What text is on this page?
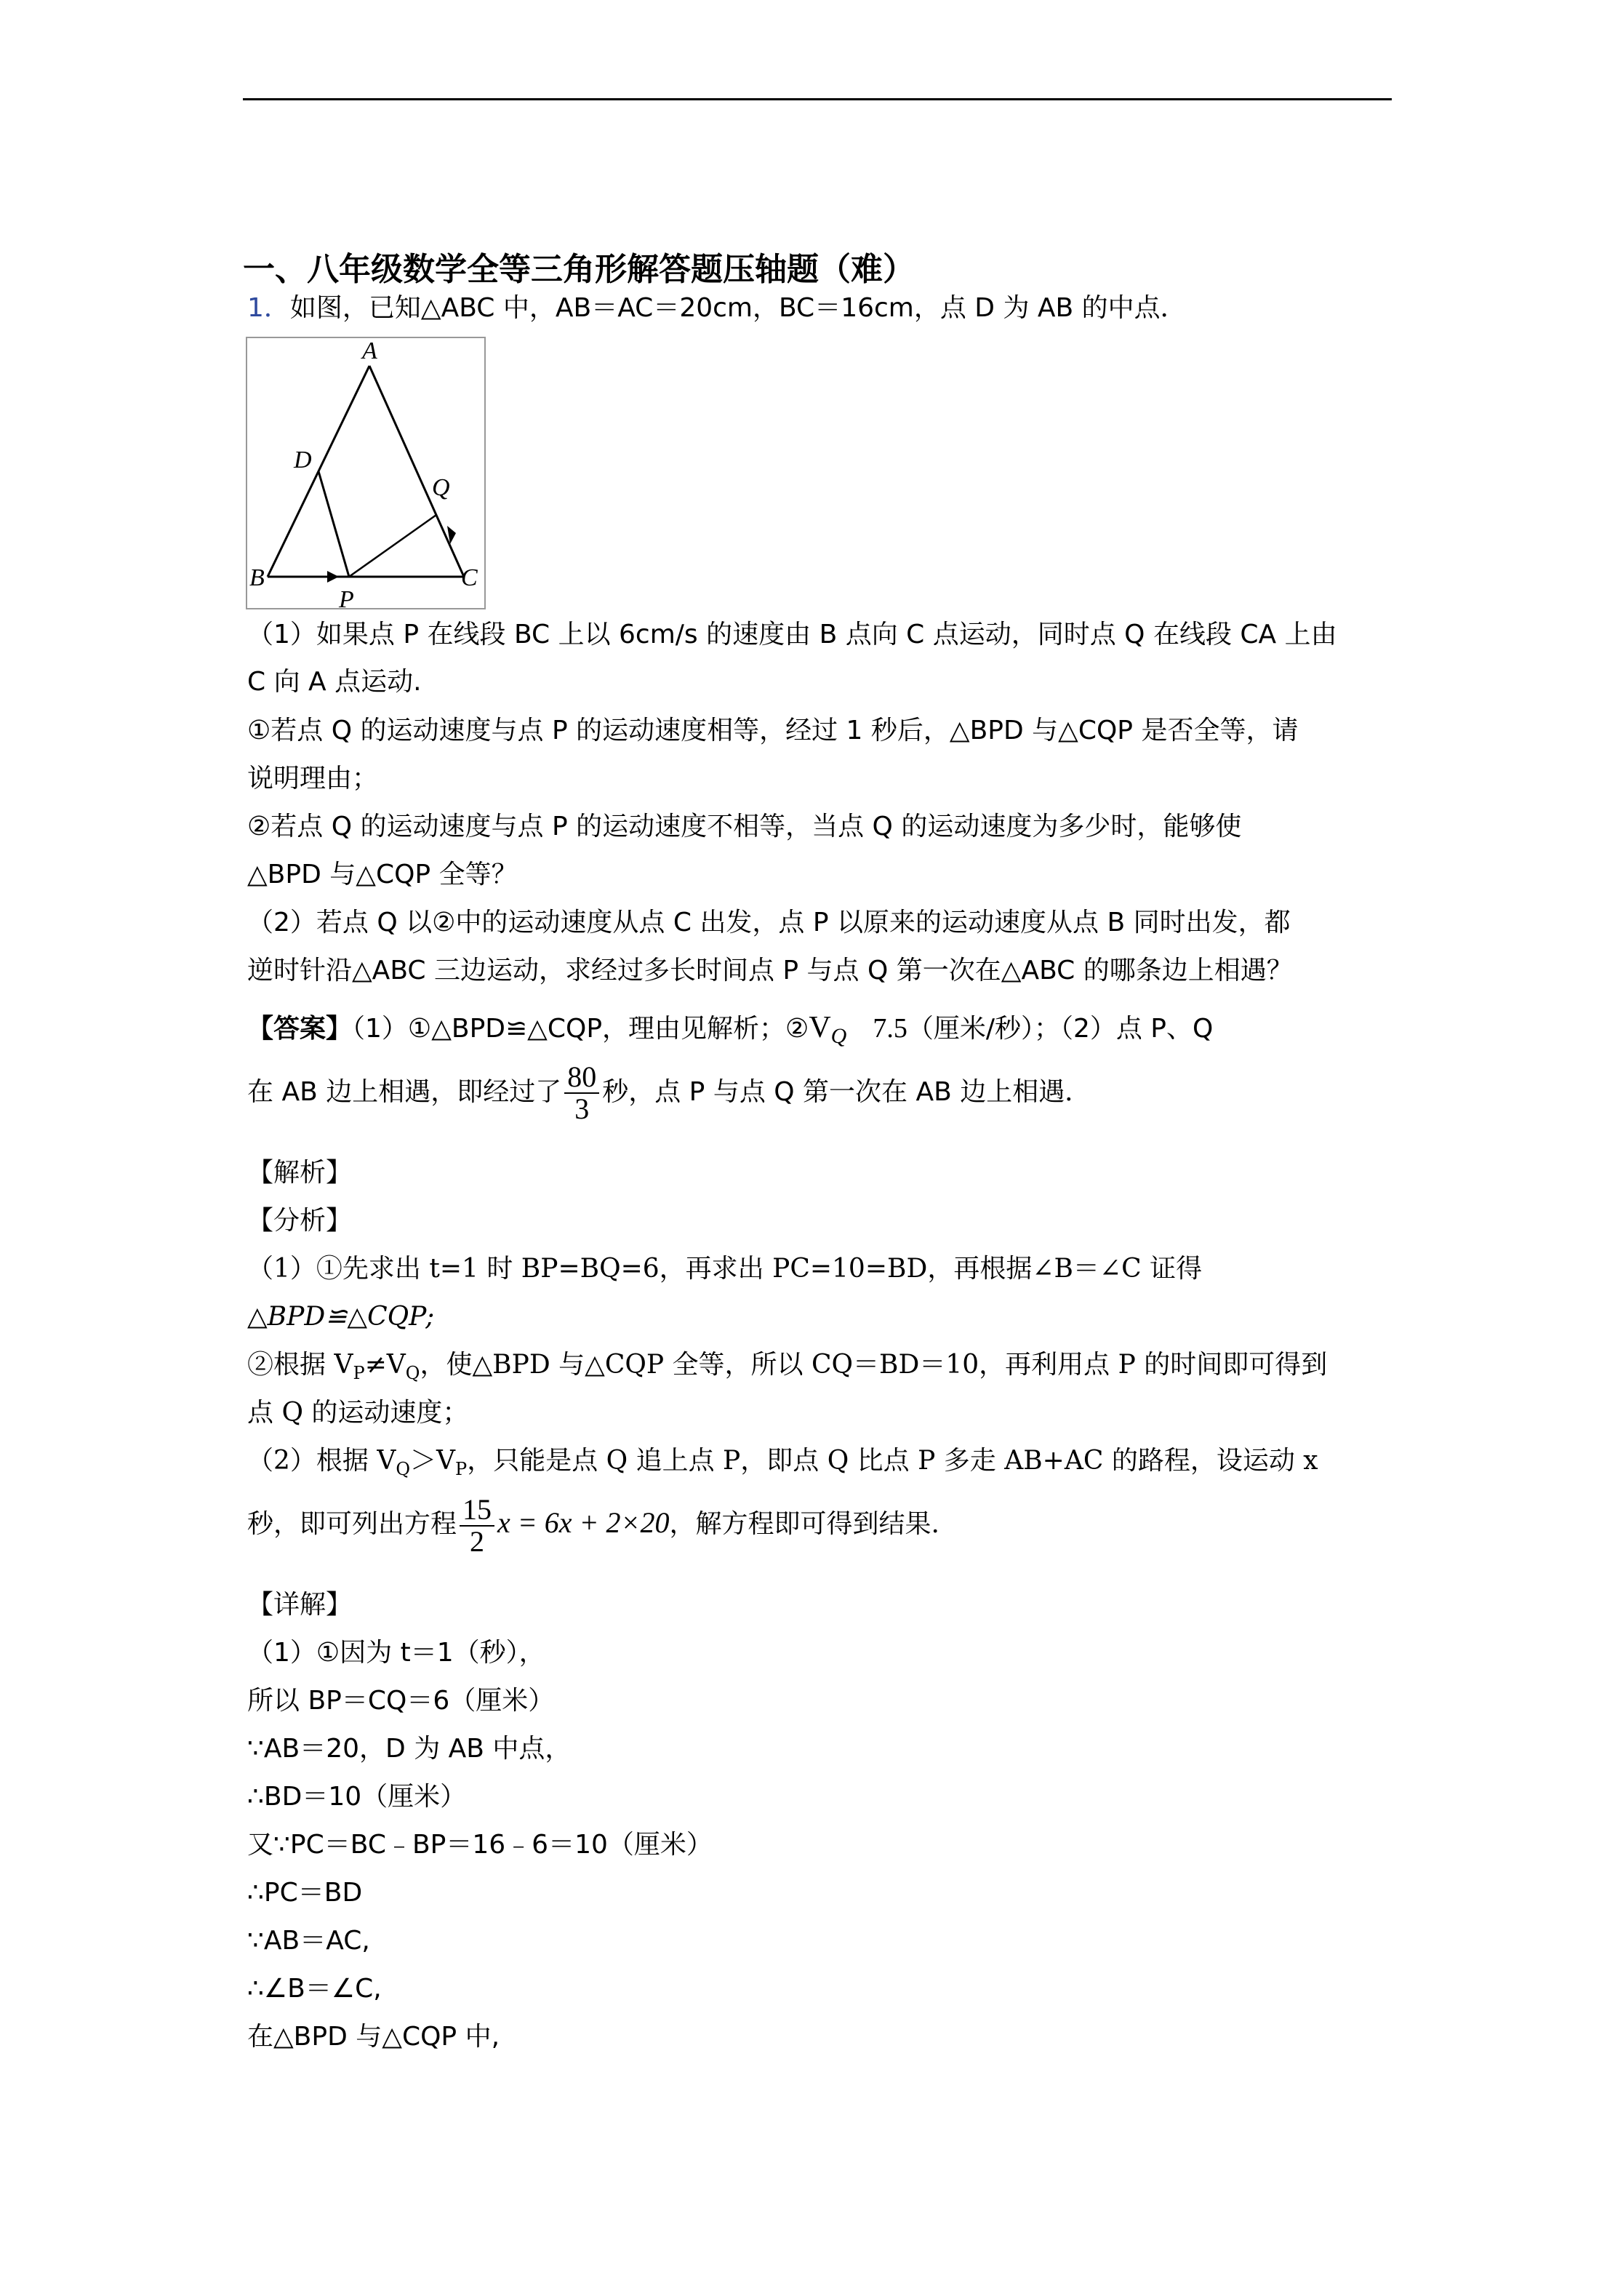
一、八年级数学全等三角形解答题压轴题（难）
1．如图，已知△ABC 中，AB＝AC＝20cm，BC＝16cm，点 D 为 AB 的中点．
A
B	C
D
P
Q
（1）如果点 P 在线段 BC 上以 6cm/s 的速度由 B 点向 C 点运动，同时点 Q 在线段 CA 上由
C 向 A 点运动.
①若点 Q 的运动速度与点 P 的运动速度相等，经过 1 秒后，△BPD 与△CQP 是否全等，请
说明理由；
②若点 Q 的运动速度与点 P 的运动速度不相等，当点 Q 的运动速度为多少时，能够使
△BPD 与△CQP 全等？
（2）若点 Q 以②中的运动速度从点 C 出发，点 P 以原来的运动速度从点 B 同时出发，都
逆时针沿△ABC 三边运动，求经过多长时间点 P 与点 Q 第一次在△ABC 的哪条边上相遇？
【答案】（1）①△BPD≌△CQP，理由见解析；$②V_Q$ 7.5（厘米/秒）；（2）点 P、Q
在 AB 边上相遇，即经过了 $\frac{80}{3}$ 秒，点 P 与点 Q 第一次在 AB 边上相遇．
【解析】
【分析】
（1）①先求出 t=1 时 BP=BQ=6，再求出 PC=10=BD，再根据∠B＝∠C 证得
△BPD≌△CQP;
②根据 $V_P\ne V_Q$，使△BPD 与△CQP 全等，所以 CQ＝BD＝10，再利用点 P 的时间即可得到
点 Q 的运动速度；
（2）根据 $V_Q>V_P$，只能是点 Q 追上点 P，即点 Q 比点 P 多走 AB+AC 的路程，设运动 x
秒，即可列出方程 $\frac{15}{2}$ x = 6x + 2×20，解方程即可得到结果.
【详解】
（1）①因为 t＝1（秒），
所以 BP＝CQ＝6（厘米）
∵AB＝20，D 为 AB 中点，
∴BD＝10（厘米）
又∵PC＝BC﹣BP＝16﹣6＝10（厘米）
∴PC＝BD
∵AB＝AC,
∴∠B＝∠C,
在△BPD 与△CQP 中,
